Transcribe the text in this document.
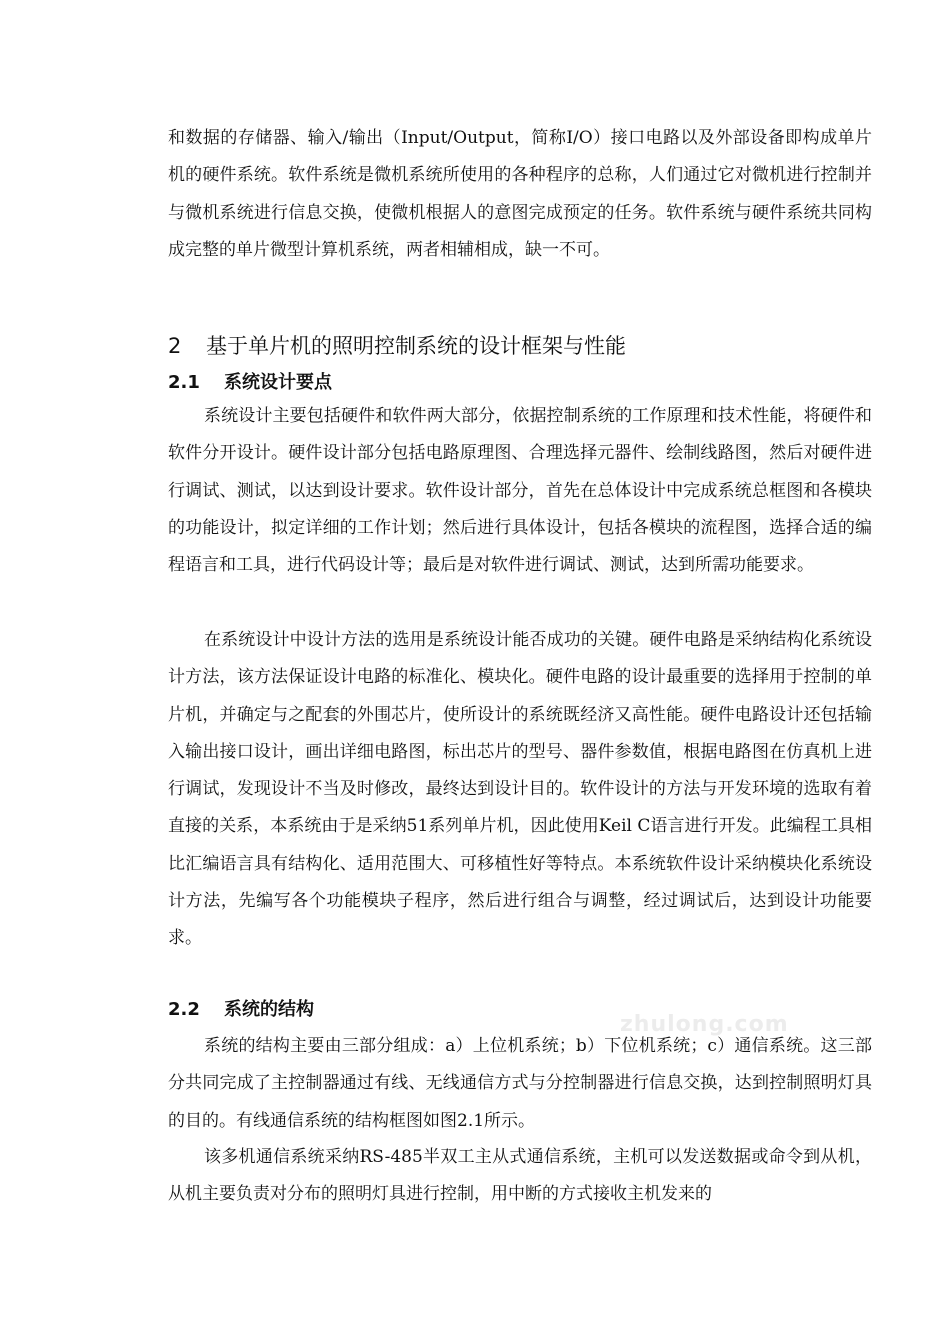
zhulong.com

和数据的存储器、输入/输出（Input/Output，简称I/O）接口电路以及外部设备即构成单片机的硬件系统。软件系统是微机系统所使用的各种程序的总称，人们通过它对微机进行控制并与微机系统进行信息交换，使微机根据人的意图完成预定的任务。软件系统与硬件系统共同构成完整的单片微型计算机系统，两者相辅相成，缺一不可。

2 基于单片机的照明控制系统的设计框架与性能
2.1 系统设计要点

系统设计主要包括硬件和软件两大部分，依据控制系统的工作原理和技术性能，将硬件和软件分开设计。硬件设计部分包括电路原理图、合理选择元器件、绘制线路图，然后对硬件进行调试、测试，以达到设计要求。软件设计部分，首先在总体设计中完成系统总框图和各模块的功能设计，拟定详细的工作计划；然后进行具体设计，包括各模块的流程图，选择合适的编程语言和工具，进行代码设计等；最后是对软件进行调试、测试，达到所需功能要求。

在系统设计中设计方法的选用是系统设计能否成功的关键。硬件电路是采纳结构化系统设计方法，该方法保证设计电路的标准化、模块化。硬件电路的设计最重要的选择用于控制的单片机，并确定与之配套的外围芯片，使所设计的系统既经济又高性能。硬件电路设计还包括输入输出接口设计，画出详细电路图，标出芯片的型号、器件参数值，根据电路图在仿真机上进行调试，发现设计不当及时修改，最终达到设计目的。软件设计的方法与开发环境的选取有着直接的关系，本系统由于是采纳51系列单片机，因此使用Keil C语言进行开发。此编程工具相比汇编语言具有结构化、适用范围大、可移植性好等特点。本系统软件设计采纳模块化系统设计方法，先编写各个功能模块子程序，然后进行组合与调整，经过调试后，达到设计功能要求。

2.2 系统的结构

系统的结构主要由三部分组成：a）上位机系统；b）下位机系统；c）通信系统。这三部分共同完成了主控制器通过有线、无线通信方式与分控制器进行信息交换，达到控制照明灯具的目的。有线通信系统的结构框图如图2.1所示。

该多机通信系统采纳RS-485半双工主从式通信系统，主机可以发送数据或命令到从机，从机主要负责对分布的照明灯具进行控制，用中断的方式接收主机发来的
